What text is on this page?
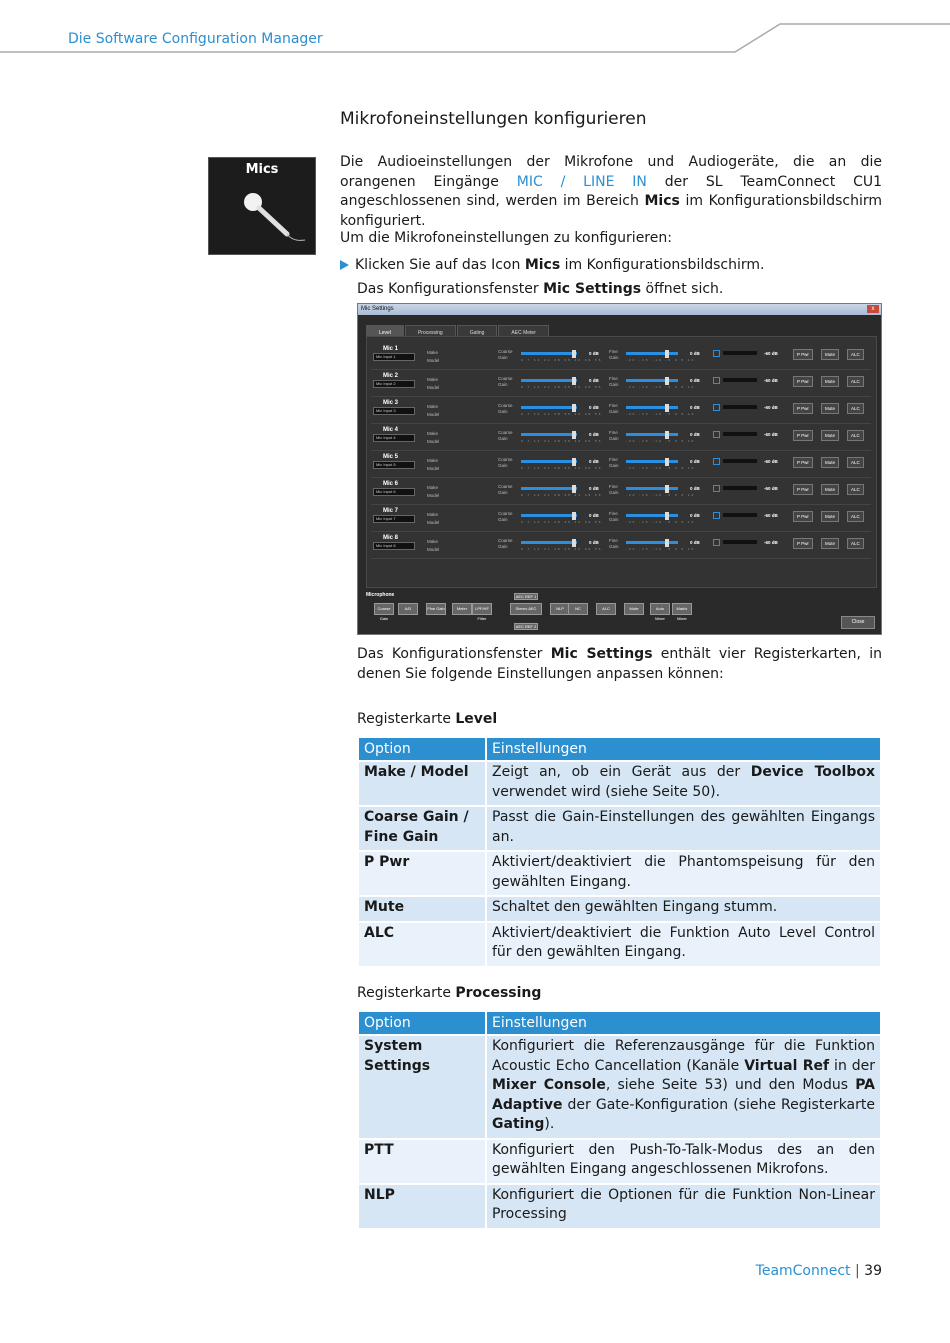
Die Software Configuration Manager
Mikrofoneinstellungen konfigurieren
Mics	Die Audioeinstellungen der Mikrofone und Audiogeräte, die an die orangenen Eingänge MIC / LINE IN der SL TeamConnect CU1 angeschlossenen sind, werden im Bereich Mics im Konfigurationsbildschirm konfiguriert.
Um die Mikrofoneinstellungen zu konfigurieren:
Klicken Sie auf das Icon Mics im Konfigurationsbildschirm.
Das Konfigurationsfenster Mic Settings öffnet sich.
Mic Settings	x
Level	Processing	Gating	AEC Meter
Mic 1
Mic Input 1
Make
Model
Coarse
Gain	0 7 14 21 28 35 42 49 56
0 dB Fine
Gain -20 -15 -10 -5 0 5 10
0 dB	-60 dB	P Pwr	Mute	ALC
Mic 2
Mic Input 2
Make
Model
Coarse
Gain	0 7 14 21 28 35 42 49 56
0 dB Fine
Gain -20 -15 -10 -5 0 5 10
0 dB	-60 dB	P Pwr	Mute	ALC
Mic 3
Mic Input 3
Make
Model
Coarse
Gain	0 7 14 21 28 35 42 49 56
0 dB Fine
Gain -20 -15 -10 -5 0 5 10
0 dB	-60 dB	P Pwr	Mute	ALC
Mic 4
Mic Input 4
Make
Model
Coarse
Gain	0 7 14 21 28 35 42 49 56
0 dB Fine
Gain -20 -15 -10 -5 0 5 10
0 dB	-60 dB	P Pwr	Mute	ALC
Mic 5
Mic Input 5
Make
Model
Coarse
Gain	0 7 14 21 28 35 42 49 56
0 dB Fine
Gain -20 -15 -10 -5 0 5 10
0 dB	-60 dB	P Pwr	Mute	ALC
Mic 6
Mic Input 6
Make
Model
Coarse
Gain	0 7 14 21 28 35 42 49 56
0 dB Fine
Gain -20 -15 -10 -5 0 5 10
0 dB	-60 dB	P Pwr	Mute	ALC
Mic 7
Mic Input 7
Make
Model
Coarse
Gain	0 7 14 21 28 35 42 49 56
0 dB Fine
Gain -20 -15 -10 -5 0 5 10
0 dB	-60 dB	P Pwr	Mute	ALC
Mic 8
Mic Input 8
Make
Model
Coarse
Gain	0 7 14 21 28 35 42 49 56
0 dB Fine
Gain -20 -15 -10 -5 0 5 10
0 dB	-60 dB	P Pwr	Mute	ALC
Microphone
Coarse Gain
A/D	Fine Gain	Meter	LPF/HF Filter
Stereo AEC	NLP	NC	ALC	Mute	Auto Mixer
Matrix Mixer
AEC REF 1
AEC REF 2
Close
Das Konfigurationsfenster Mic Settings enthält vier Registerkarten, in denen Sie folgende Einstellungen anpassen können:
Registerkarte Level
Option	Einstellungen
Make / Model	Zeigt an, ob ein Gerät aus der Device Toolbox verwendet wird (siehe Seite 50).
Coarse Gain / Fine Gain	Passt die Gain-Einstellungen des gewählten Eingangs an.
P Pwr	Aktiviert/deaktiviert die Phantomspeisung für den gewählten Eingang.
Mute	Schaltet den gewählten Eingang stumm.
ALC	Aktiviert/deaktiviert die Funktion Auto Level Control für den gewählten Eingang.
Registerkarte Processing
Option	Einstellungen
System Settings	Konfiguriert die Referenzausgänge für die Funktion Acoustic Echo Cancellation (Kanäle Virtual Ref in der Mixer Console, siehe Seite 53) und den Modus PA Adaptive der Gate-Konfiguration (siehe Registerkarte Gating).
PTT	Konfiguriert den Push-To-Talk-Modus des an den gewählten Eingang angeschlossenen Mikrofons.
NLP	Konfiguriert die Optionen für die Funktion Non-Linear Processing
TeamConnect | 39
